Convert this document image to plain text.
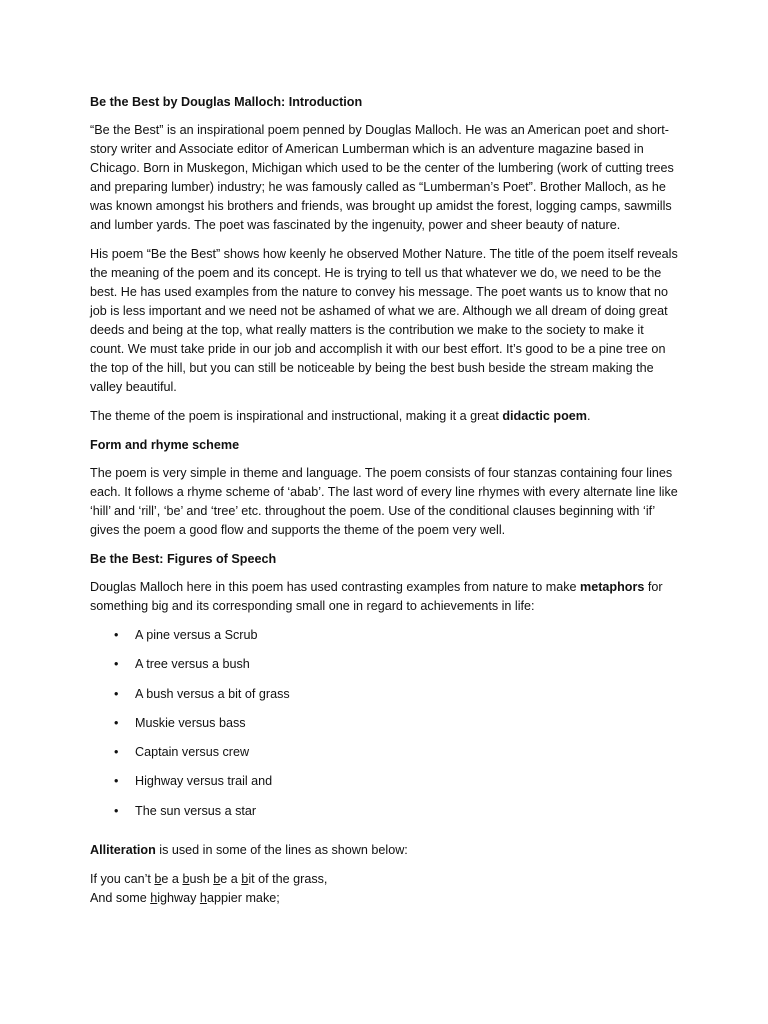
Be the Best by Douglas Malloch: Introduction

“Be the Best” is an inspirational poem penned by Douglas Malloch. He was an American poet and short-story writer and Associate editor of American Lumberman which is an adventure magazine based in Chicago. Born in Muskegon, Michigan which used to be the center of the lumbering (work of cutting trees and preparing lumber) industry; he was famously called as “Lumberman’s Poet”. Brother Malloch, as he was known amongst his brothers and friends, was brought up amidst the forest, logging camps, sawmills and lumber yards. The poet was fascinated by the ingenuity, power and sheer beauty of nature.

His poem “Be the Best” shows how keenly he observed Mother Nature. The title of the poem itself reveals the meaning of the poem and its concept. He is trying to tell us that whatever we do, we need to be the best. He has used examples from the nature to convey his message. The poet wants us to know that no job is less important and we need not be ashamed of what we are. Although we all dream of doing great deeds and being at the top, what really matters is the contribution we make to the society to make it count. We must take pride in our job and accomplish it with our best effort. It’s good to be a pine tree on the top of the hill, but you can still be noticeable by being the best bush beside the stream making the valley beautiful.

The theme of the poem is inspirational and instructional, making it a great didactic poem.

Form and rhyme scheme

The poem is very simple in theme and language. The poem consists of four stanzas containing four lines each. It follows a rhyme scheme of ‘abab’. The last word of every line rhymes with every alternate line like ‘hill’ and ‘rill’, ‘be’ and ‘tree’ etc. throughout the poem. Use of the conditional clauses beginning with ‘if’ gives the poem a good flow and supports the theme of the poem very well.

Be the Best: Figures of Speech

Douglas Malloch here in this poem has used contrasting examples from nature to make metaphors for something big and its corresponding small one in regard to achievements in life:

• A pine versus a Scrub
• A tree versus a bush
• A bush versus a bit of grass
• Muskie versus bass
• Captain versus crew
• Highway versus trail and
• The sun versus a star

Alliteration is used in some of the lines as shown below:

If you can’t be a bush be a bit of the grass,
And some highway happier make;
